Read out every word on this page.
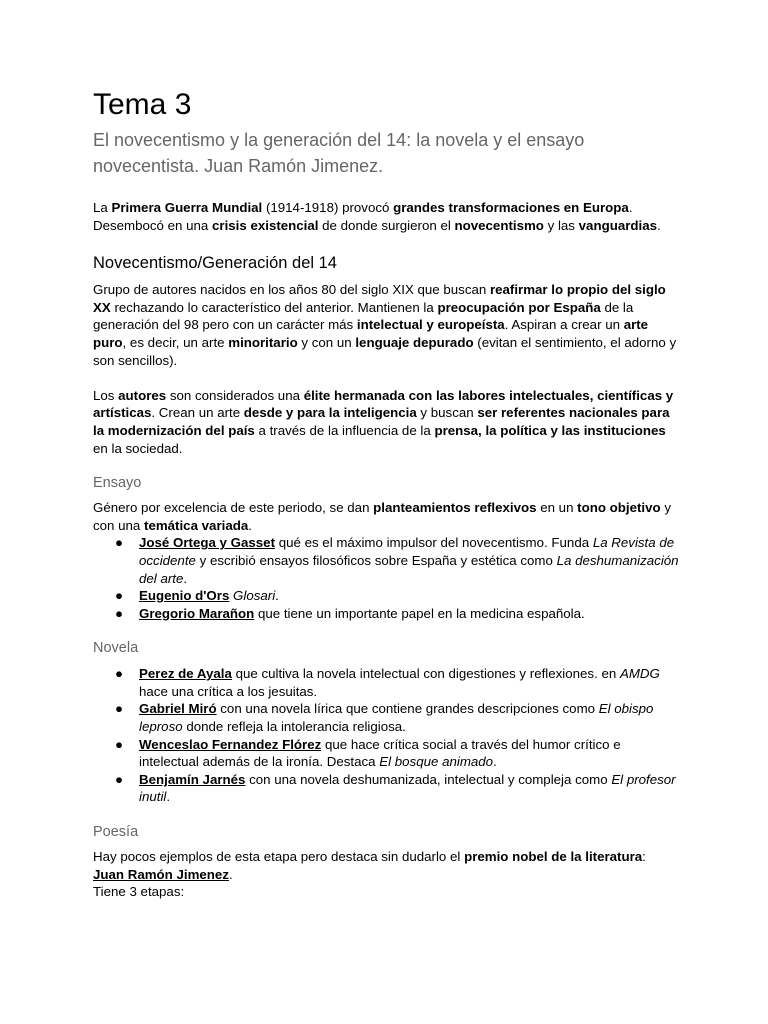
Tema 3

El novecentismo y la generación del 14: la novela y el ensayo
novecentista. Juan Ramón Jimenez.

La Primera Guerra Mundial (1914-1918) provocó grandes transformaciones en Europa. Desembocó en una crisis existencial de donde surgieron el novecentismo y las vanguardias.

Novecentismo/Generación del 14

Grupo de autores nacidos en los años 80 del siglo XIX que buscan reafirmar lo propio del siglo XX rechazando lo característico del anterior. Mantienen la preocupación por España de la generación del 98 pero con un carácter más intelectual y europeísta. Aspiran a crear un arte puro, es decir, un arte minoritario y con un lenguaje depurado (evitan el sentimiento, el adorno y son sencillos).

Los autores son considerados una élite hermanada con las labores intelectuales, científicas y artísticas. Crean un arte desde y para la inteligencia y buscan ser referentes nacionales para la modernización del país a través de la influencia de la prensa, la política y las instituciones en la sociedad.

Ensayo

Género por excelencia de este periodo, se dan planteamientos reflexivos en un tono objetivo y con una temática variada.

● José Ortega y Gasset qué es el máximo impulsor del novecentismo. Funda La Revista de occidente y escribió ensayos filosóficos sobre España y estética como La deshumanización del arte.
● Eugenio d'Ors Glosari.
● Gregorio Marañon que tiene un importante papel en la medicina española.

Novela

● Perez de Ayala que cultiva la novela intelectual con digestiones y reflexiones. en AMDG hace una crítica a los jesuitas.
● Gabriel Miró con una novela lírica que contiene grandes descripciones como El obispo leproso donde refleja la intolerancia religiosa.
● Wenceslao Fernandez Flórez que hace crítica social a través del humor crítico e intelectual además de la ironía. Destaca El bosque animado.
● Benjamín Jarnés con una novela deshumanizada, intelectual y compleja como El profesor inutil.

Poesía

Hay pocos ejemplos de esta etapa pero destaca sin dudarlo el premio nobel de la literatura: Juan Ramón Jimenez.

Tiene 3 etapas:
